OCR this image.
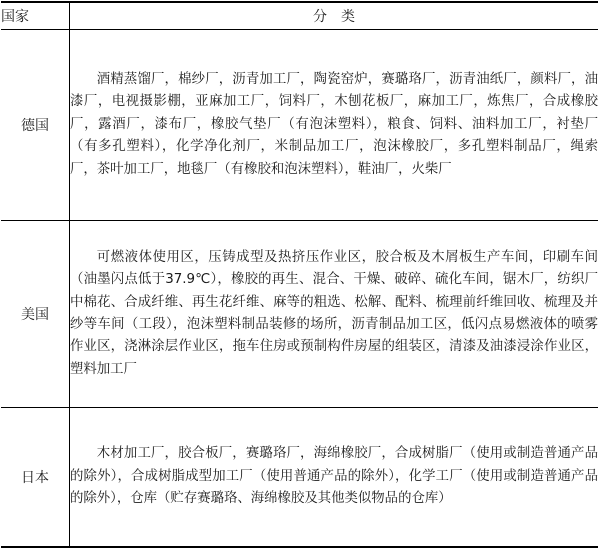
国家	分　类
德国	酒精蒸馏厂，棉纱厂，沥青加工厂，陶瓷窑炉，赛璐珞厂，沥青油纸厂，颜料厂，油漆厂，电视摄影棚，亚麻加工厂，饲料厂，木刨花板厂，麻加工厂，炼焦厂，合成橡胶厂，露酒厂，漆布厂，橡胶气垫厂（有泡沫塑料），粮食、饲料、油料加工厂，衬垫厂（有多孔塑料），化学净化剂厂，米制品加工厂，泡沫橡胶厂，多孔塑料制品厂，绳索厂，茶叶加工厂，地毯厂（有橡胶和泡沫塑料），鞋油厂，火柴厂
美国	可燃液体使用区，压铸成型及热挤压作业区，胶合板及木屑板生产车间，印刷车间（油墨闪点低于37.9℃），橡胶的再生、混合、干燥、破碎、硫化车间，锯木厂，纺织厂中棉花、合成纤维、再生花纤维、麻等的粗选、松解、配料、梳理前纤维回收、梳理及并纱等车间（工段），泡沫塑料制品装修的场所，沥青制品加工区，低闪点易燃液体的喷雾作业区，浇淋涂层作业区，拖车住房或预制构件房屋的组装区，清漆及油漆浸涂作业区，塑料加工厂
日本	木材加工厂，胶合板厂，赛璐珞厂，海绵橡胶厂，合成树脂厂（使用或制造普通产品的除外），合成树脂成型加工厂（使用普通产品的除外），化学工厂（使用或制造普通产品的除外），仓库（贮存赛璐珞、海绵橡胶及其他类似物品的仓库）
